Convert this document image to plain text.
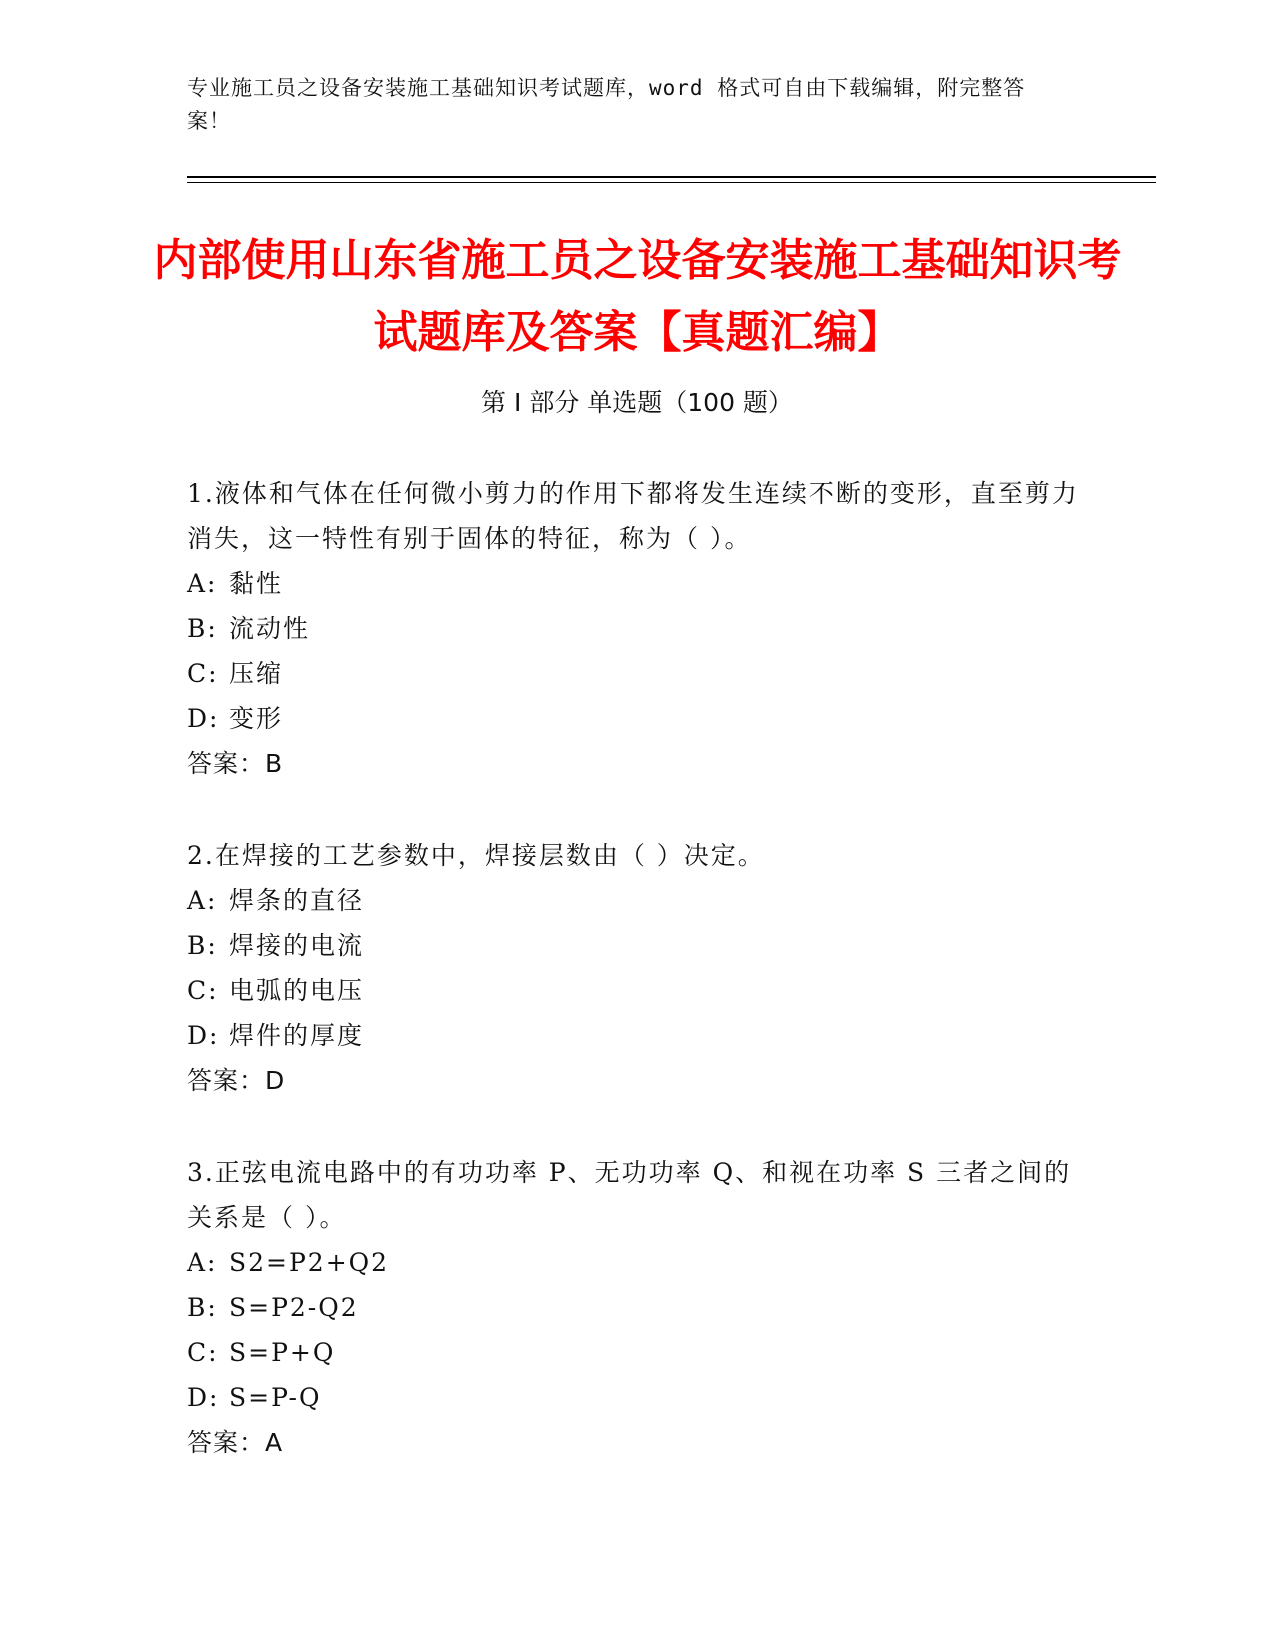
专业施工员之设备安装施工基础知识考试题库，word 格式可自由下载编辑，附完整答案！
内部使用山东省施工员之设备安装施工基础知识考试题库及答案【真题汇编】
第 I 部分 单选题（100 题）
1.液体和气体在任何微小剪力的作用下都将发生连续不断的变形，直至剪力消失，这一特性有别于固体的特征，称为（ ）。
A: 黏性
B: 流动性
C: 压缩
D: 变形
答案：B
2.在焊接的工艺参数中，焊接层数由（ ）决定。
A: 焊条的直径
B: 焊接的电流
C: 电弧的电压
D: 焊件的厚度
答案：D
3.正弦电流电路中的有功功率 P、无功功率 Q、和视在功率 S 三者之间的关系是（ ）。
A: S2=P2+Q2
B: S=P2-Q2
C: S=P+Q
D: S=P-Q
答案：A
